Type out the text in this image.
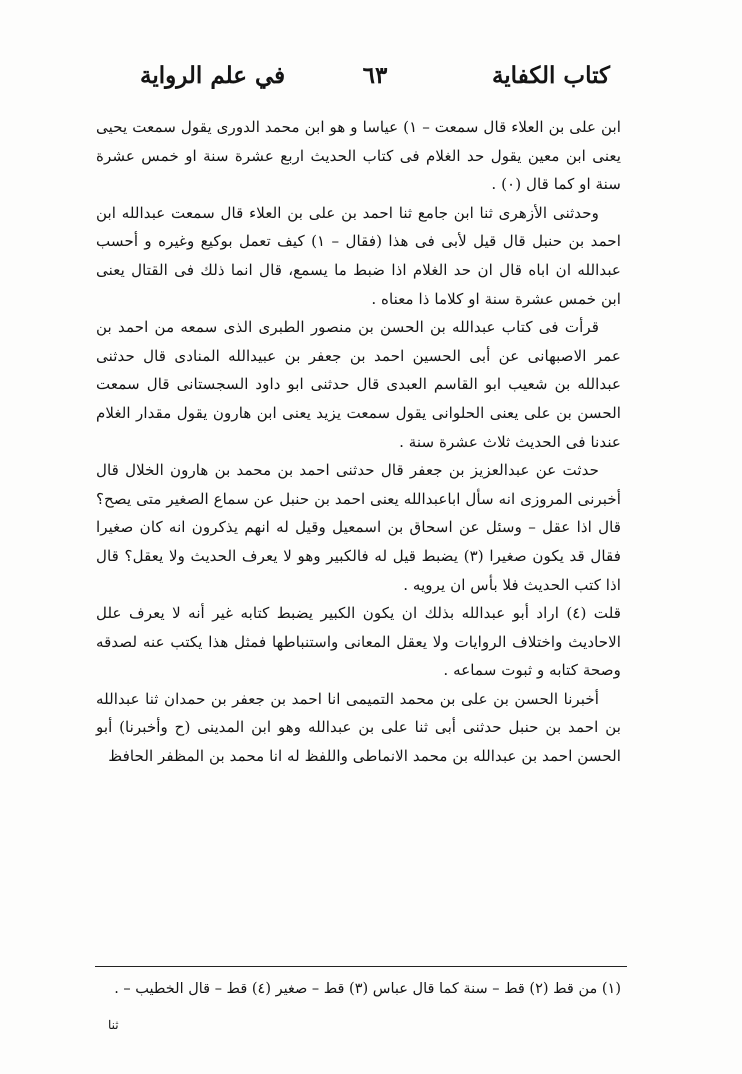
كتاب الكفاية
٦٣
في علم الرواية

ابن علی بن العلاء قال سمعت – ۱) عیاسا و هو ابن محمد الدوری یقول سمعت یحیی یعنی ابن معین یقول حد الغلام فی کتاب الحدیث اربع عشرة سنة او خمس عشرة سنة او کما قال (٠) .

وحدثنی الأزهری ثنا ابن جامع ثنا احمد بن علی بن العلاء قال سمعت عبدالله ابن احمد بن حنبل قال قیل لأبی فی هذا (فقال – ۱) کیف تعمل بوکیع وغیره و أحسب عبدالله ان اباه قال ان حد الغلام اذا ضبط ما یسمع، قال انما ذلك فی القتال یعنی ابن خمس عشرة سنة او کلاما ذا معناه .

قرأت فی کتاب عبدالله بن الحسن بن منصور الطبری الذی سمعه من احمد بن عمر الاصبهانی عن أبی الحسین احمد بن جعفر بن عبیدالله المنادی قال حدثنی عبدالله بن شعیب ابو القاسم العبدی قال حدثنی ابو داود السجستانی قال سمعت الحسن بن علی یعنی الحلوانی یقول سمعت یزید یعنی ابن هارون یقول مقدار الغلام عندنا فی الحدیث ثلاث عشرة سنة .

حدثت عن عبدالعزیز بن جعفر قال حدثنی احمد بن محمد بن هارون الخلال قال أخبرنی المروزی انه سأل اباعبدالله یعنی احمد بن حنبل عن سماع الصغیر متی یصح؟ قال اذا عقل – وسئل عن اسحاق بن اسمعیل وقیل له انهم یذکرون انه کان صغیرا فقال قد یکون صغیرا (٣) یضبط قیل له فالکبیر وهو لا یعرف الحدیث ولا یعقل؟ قال اذا کتب الحدیث فلا بأس ان یرویه .

قلت (٤) اراد أبو عبدالله بذلك ان یکون الکبیر یضبط کتابه غیر أنه لا یعرف علل الاحادیث واختلاف الروایات ولا یعقل المعانی واستنباطها فمثل هذا یکتب عنه لصدقه وصحة کتابه و ثبوت سماعه .

أخبرنا الحسن بن علی بن محمد التمیمی انا احمد بن جعفر بن حمدان ثنا عبدالله بن احمد بن حنبل حدثنی أبی ثنا علی بن عبدالله وهو ابن المدینی (ح وأخبرنا) أبو الحسن احمد بن عبدالله بن محمد الانماطی واللفظ له انا محمد بن المظفر الحافظ

(۱) من قط (٢) قط – سنة کما قال عباس (٣) قط – صغیر (٤) قط – قال الخطیب – .

ثنا
